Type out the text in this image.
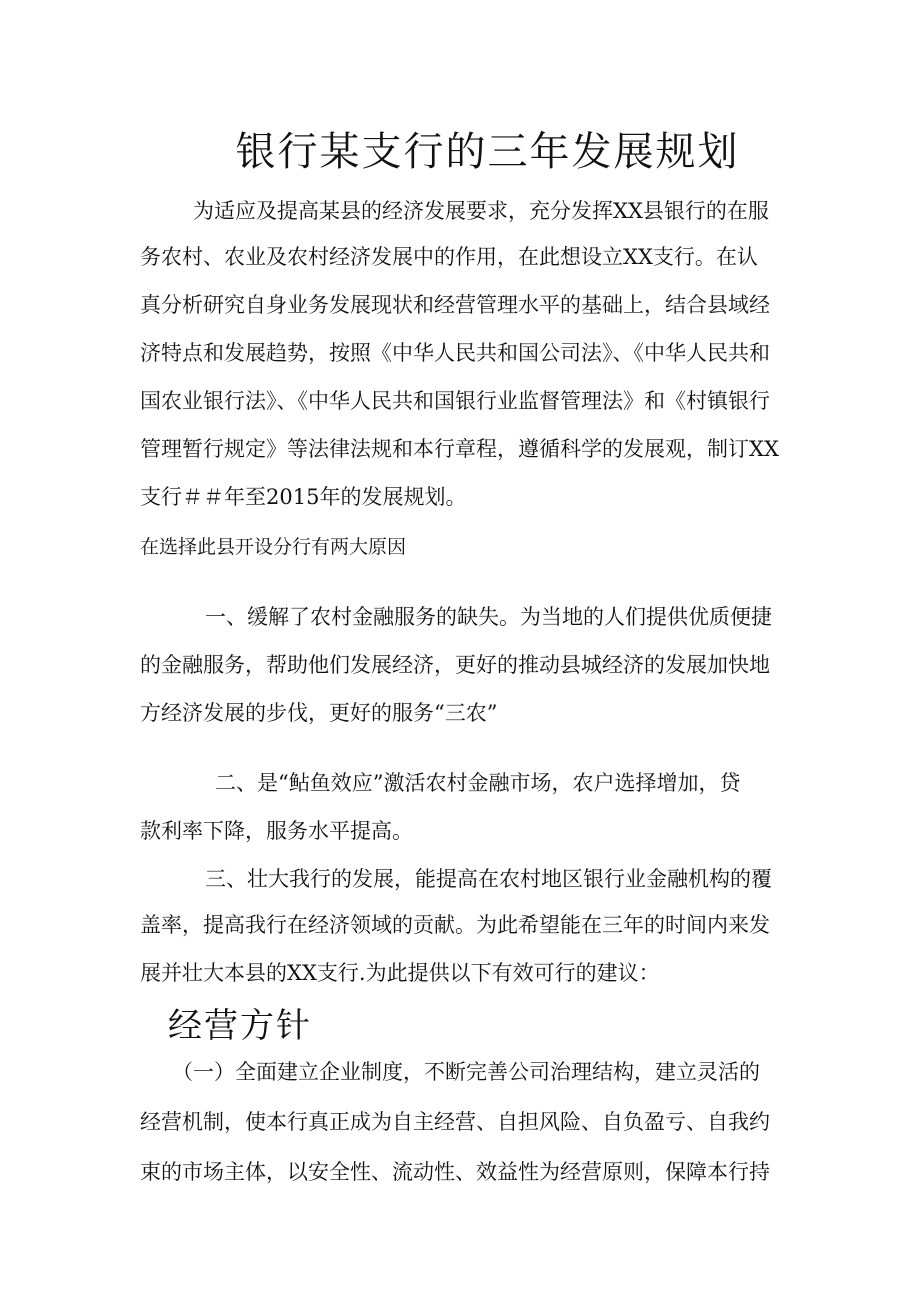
银行某支行的三年发展规划

为适应及提高某县的经济发展要求，充分发挥XX县银行的在服

务农村、农业及农村经济发展中的作用，在此想设立XX支行。在认

真分析研究自身业务发展现状和经营管理水平的基础上，结合县域经

济特点和发展趋势，按照《中华人民共和国公司法》、《中华人民共和

国农业银行法》、《中华人民共和国银行业监督管理法》和《村镇银行

管理暂行规定》等法律法规和本行章程，遵循科学的发展观，制订XX

支行＃＃年至2015年的发展规划。

在选择此县开设分行有两大原因

一、缓解了农村金融服务的缺失。为当地的人们提供优质便捷

的金融服务，帮助他们发展经济，更好的推动县城经济的发展加快地

方经济发展的步伐，更好的服务“三农”

二、是“鲇鱼效应”激活农村金融市场，农户选择增加，贷

款利率下降，服务水平提高。

三、壮大我行的发展，能提高在农村地区银行业金融机构的覆

盖率，提高我行在经济领域的贡献。为此希望能在三年的时间内来发

展并壮大本县的XX支行.为此提供以下有效可行的建议：

经营方针

（一）全面建立企业制度，不断完善公司治理结构，建立灵活的

经营机制，使本行真正成为自主经营、自担风险、自负盈亏、自我约

束的市场主体，以安全性、流动性、效益性为经营原则，保障本行持
